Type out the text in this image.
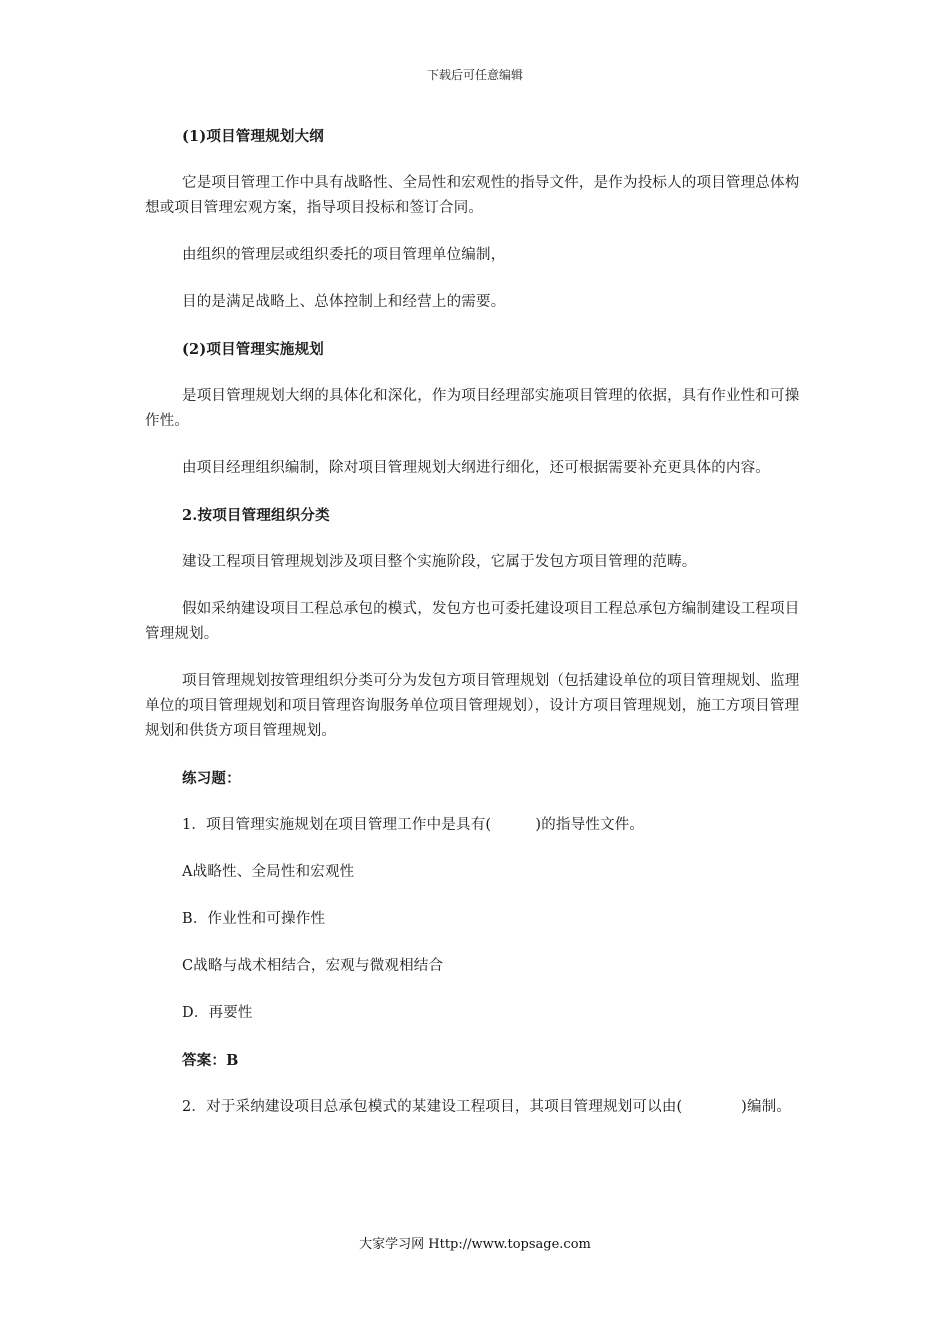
下载后可任意编辑

(1)项目管理规划大纲

它是项目管理工作中具有战略性、全局性和宏观性的指导文件，是作为投标人的项目管理总体构想或项目管理宏观方案，指导项目投标和签订合同。

由组织的管理层或组织委托的项目管理单位编制，

目的是满足战略上、总体控制上和经营上的需要。

(2)项目管理实施规划

是项目管理规划大纲的具体化和深化，作为项目经理部实施项目管理的依据，具有作业性和可操作性。

由项目经理组织编制，除对项目管理规划大纲进行细化，还可根据需要补充更具体的内容。

2.按项目管理组织分类

建设工程项目管理规划涉及项目整个实施阶段，它属于发包方项目管理的范畴。

假如采纳建设项目工程总承包的模式，发包方也可委托建设项目工程总承包方编制建设工程项目管理规划。

项目管理规划按管理组织分类可分为发包方项目管理规划（包括建设单位的项目管理规划、监理单位的项目管理规划和项目管理咨询服务单位项目管理规划），设计方项目管理规划，施工方项目管理规划和供货方项目管理规划。

练习题：

1．项目管理实施规划在项目管理工作中是具有(　　　)的指导性文件。

A战略性、全局性和宏观性

B．作业性和可操作性

C战略与战术相结合，宏观与微观相结合

D．再要性

答案：B

2．对于采纳建设项目总承包模式的某建设工程项目，其项目管理规划可以由(　　　　)编制。

大家学习网 Http://www.topsage.com
